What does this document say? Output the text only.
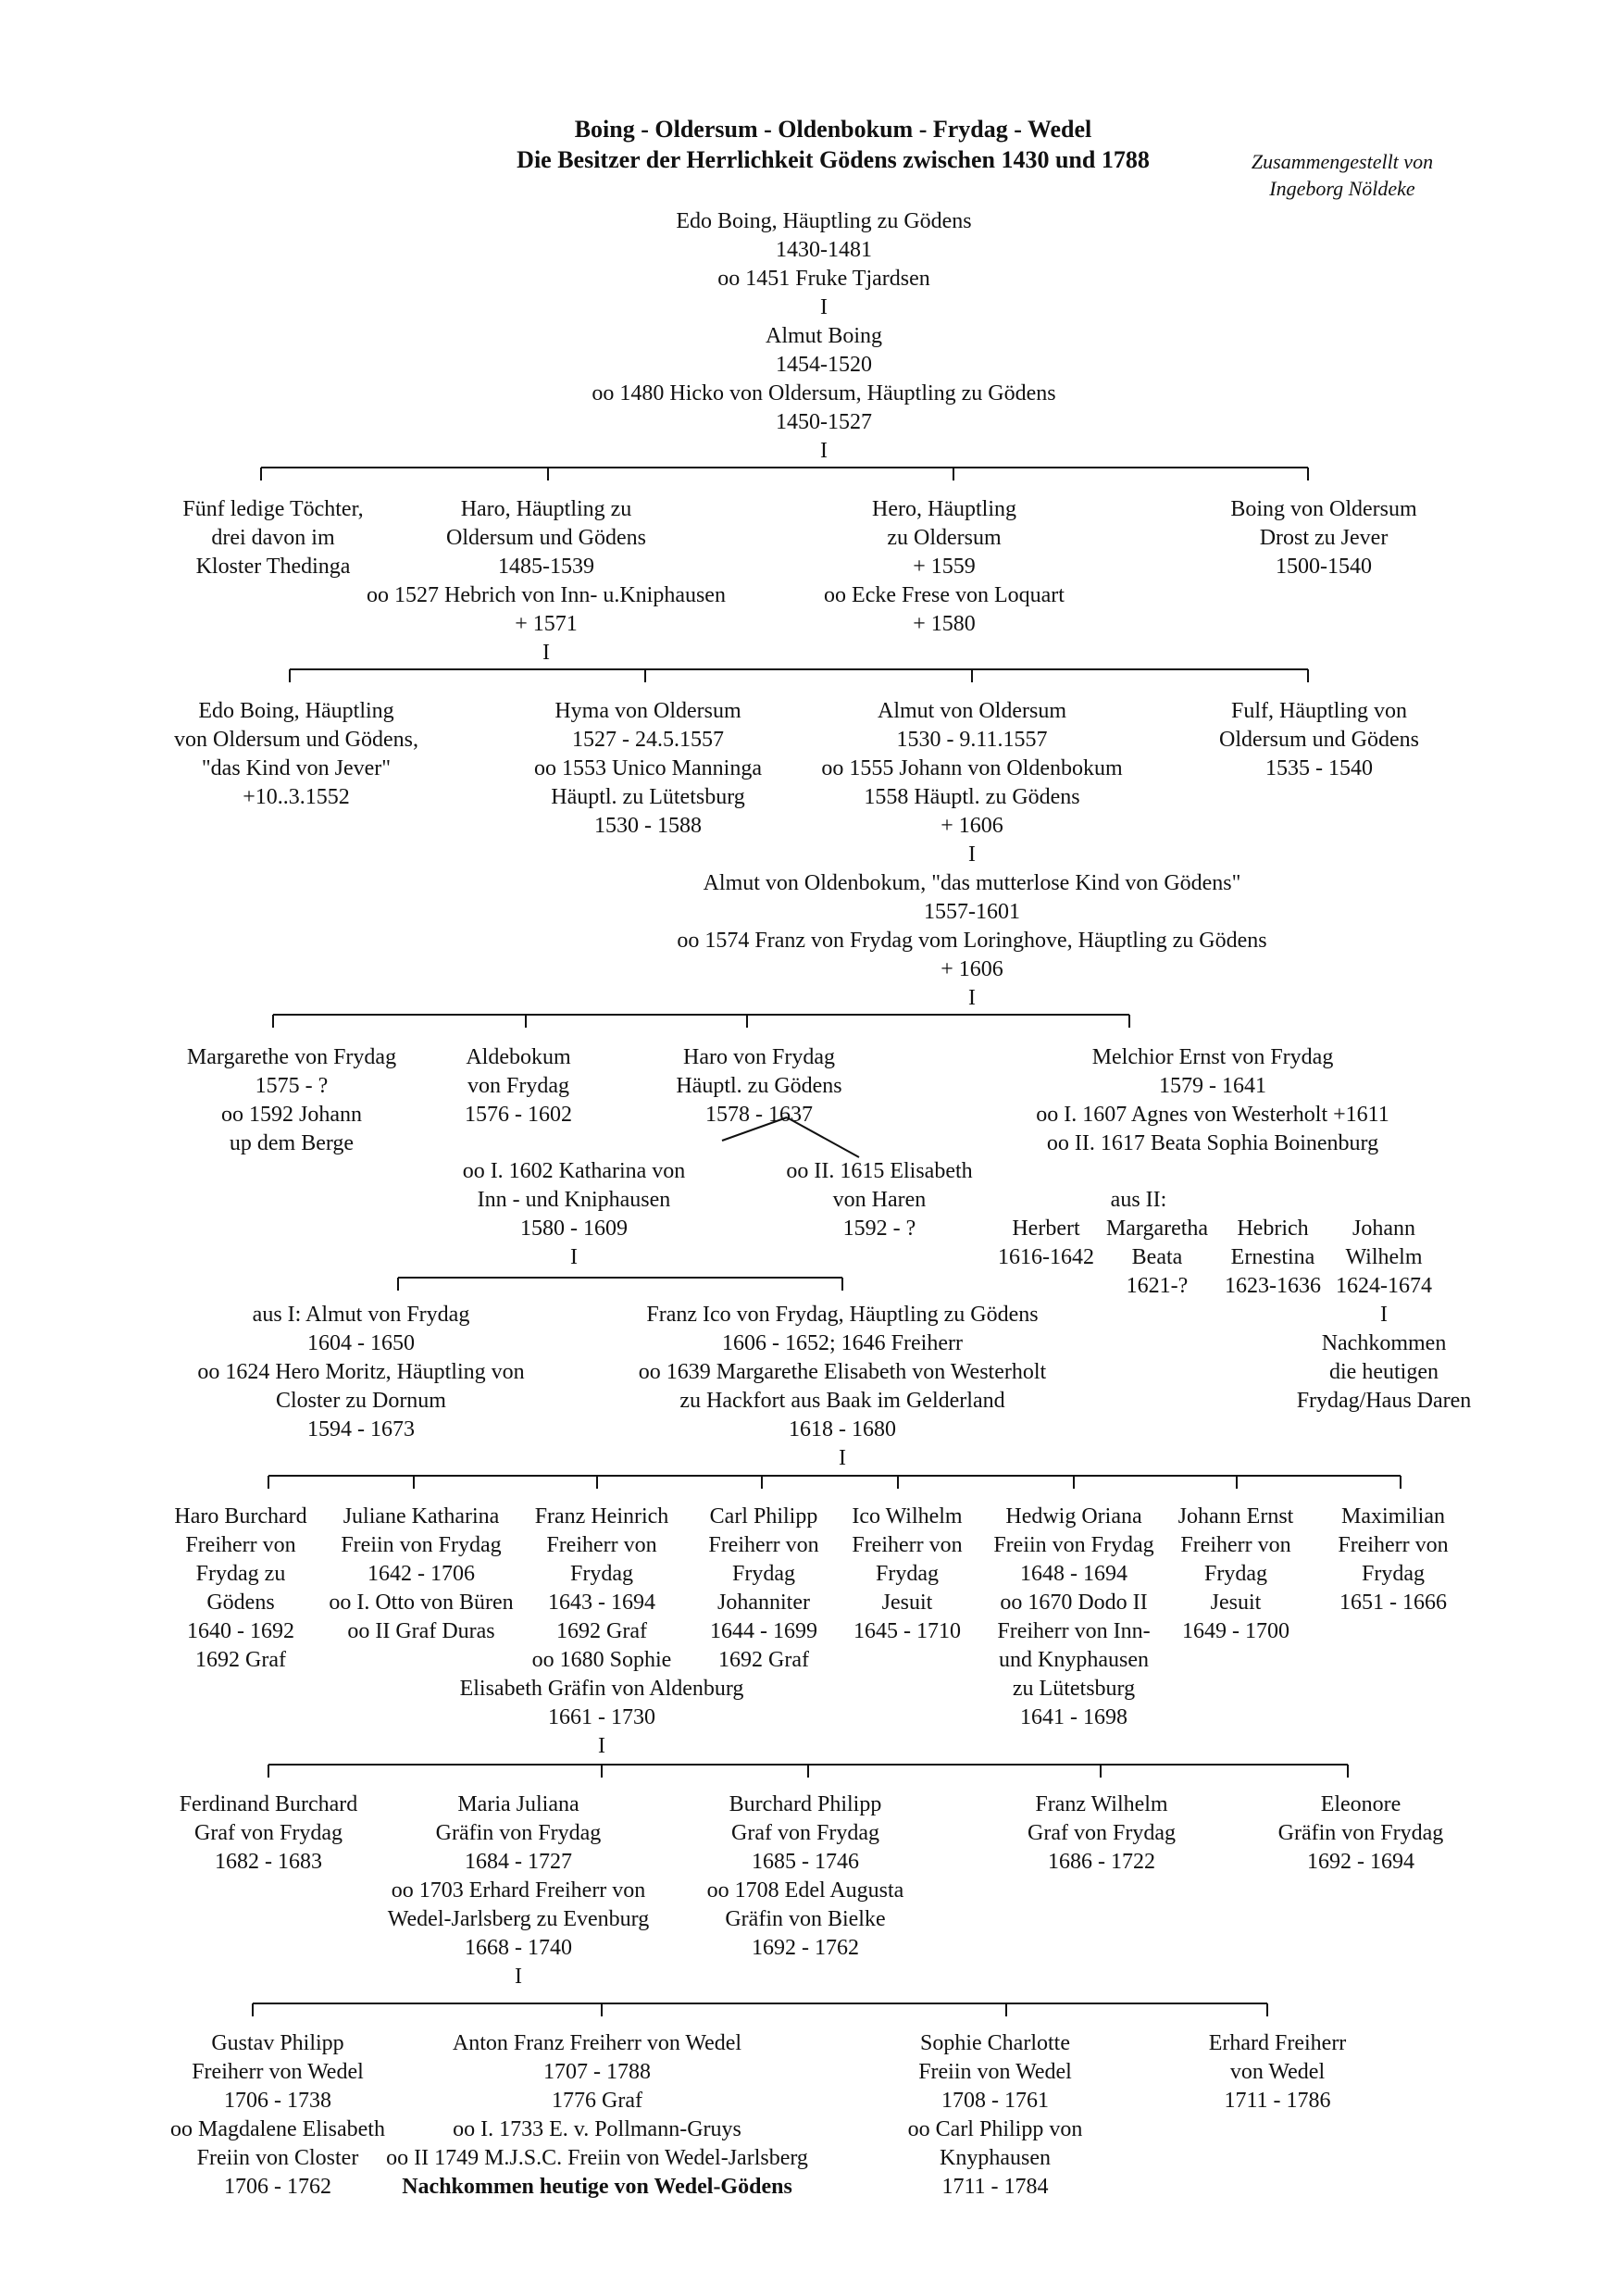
Boing - Oldersum - Oldenbokum - Frydag - Wedel
Die Besitzer der Herrlichkeit Gödens zwischen 1430 und 1788	Zusammengestellt von
Ingeborg Nöldeke
Edo Boing, Häuptling zu Gödens
1430-1481
oo 1451 Fruke Tjardsen
I
Almut Boing
1454-1520
oo 1480 Hicko von Oldersum, Häuptling zu Gödens
1450-1527
I
Fünf ledige Töchter,
drei davon im
Kloster Thedinga
Haro, Häuptling zu
Oldersum und Gödens
1485-1539
oo 1527 Hebrich von Inn- u.Kniphausen
+ 1571
I
Hero, Häuptling
zu Oldersum
+ 1559
oo Ecke Frese von Loquart
+ 1580
Boing von Oldersum
Drost zu Jever
1500-1540
Edo Boing, Häuptling
von Oldersum und Gödens,
"das Kind von Jever"
+10..3.1552
Hyma von Oldersum
1527 - 24.5.1557
oo 1553 Unico Manninga
Häuptl. zu Lütetsburg
1530 - 1588
Almut von Oldersum
1530 - 9.11.1557
oo 1555 Johann von Oldenbokum
1558 Häuptl. zu Gödens
+ 1606
I
Fulf, Häuptling von
Oldersum und Gödens
1535 - 1540
Almut von Oldenbokum, "das mutterlose Kind von Gödens"
1557-1601
oo 1574 Franz von Frydag vom Loringhove, Häuptling zu Gödens
+ 1606
I
Margarethe von Frydag
1575 - ?
oo 1592 Johann
up dem Berge
Aldebokum
von Frydag
1576 - 1602
Haro von Frydag
Häuptl. zu Gödens
1578 - 1637
Melchior Ernst von Frydag
1579 - 1641
oo I. 1607 Agnes von Westerholt +1611
oo II. 1617 Beata Sophia Boinenburg
oo I. 1602 Katharina von
Inn - und Kniphausen
1580 - 1609
I
oo II. 1615 Elisabeth
von Haren
1592 - ?
aus II:
Herbert
1616-1642
Margaretha
Beata
1621-?
Hebrich
Ernestina
1623-1636
Johann
Wilhelm
1624-1674
I
Nachkommen
die heutigen
Frydag/Haus Daren
aus I: Almut von Frydag
1604 - 1650
oo 1624 Hero Moritz, Häuptling von
Closter zu Dornum
1594 - 1673
Franz Ico von Frydag, Häuptling zu Gödens
1606 - 1652; 1646 Freiherr
oo 1639 Margarethe Elisabeth von Westerholt
zu Hackfort aus Baak im Gelderland
1618 - 1680
I
Haro Burchard
Freiherr von
Frydag zu
Gödens
1640 - 1692
1692 Graf
Juliane Katharina
Freiin von Frydag
1642 - 1706
oo I. Otto von Büren
oo II Graf Duras
Franz Heinrich
Freiherr von
Frydag
1643 - 1694
1692 Graf
oo 1680 Sophie
Elisabeth Gräfin von Aldenburg
1661 - 1730
I
Carl Philipp
Freiherr von
Frydag
Johanniter
1644 - 1699
1692 Graf
Ico Wilhelm
Freiherr von
Frydag
Jesuit
1645 - 1710
Hedwig Oriana
Freiin von Frydag
1648 - 1694
oo 1670 Dodo II
Freiherr von Inn-
und Knyphausen
zu Lütetsburg
1641 - 1698
Johann Ernst
Freiherr von
Frydag
Jesuit
1649 - 1700
Maximilian
Freiherr von
Frydag
1651 - 1666
Ferdinand Burchard
Graf von Frydag
1682 - 1683
Maria Juliana
Gräfin von Frydag
1684 - 1727
oo 1703 Erhard Freiherr von
Wedel-Jarlsberg zu Evenburg
1668 - 1740
I
Burchard Philipp
Graf von Frydag
1685 - 1746
oo 1708 Edel Augusta
Gräfin von Bielke
1692 - 1762
Franz Wilhelm
Graf von Frydag
1686 - 1722
Eleonore
Gräfin von Frydag
1692 - 1694
Gustav Philipp
Freiherr von Wedel
1706 - 1738
oo Magdalene Elisabeth
Freiin von Closter
1706 - 1762
Anton Franz Freiherr von Wedel
1707 - 1788
1776 Graf
oo I. 1733 E. v. Pollmann-Gruys
oo II 1749 M.J.S.C. Freiin von Wedel-Jarlsberg
Nachkommen heutige von Wedel-Gödens
Sophie Charlotte
Freiin von Wedel
1708 - 1761
oo Carl Philipp von
Knyphausen
1711 - 1784
Erhard Freiherr
von Wedel
1711 - 1786
